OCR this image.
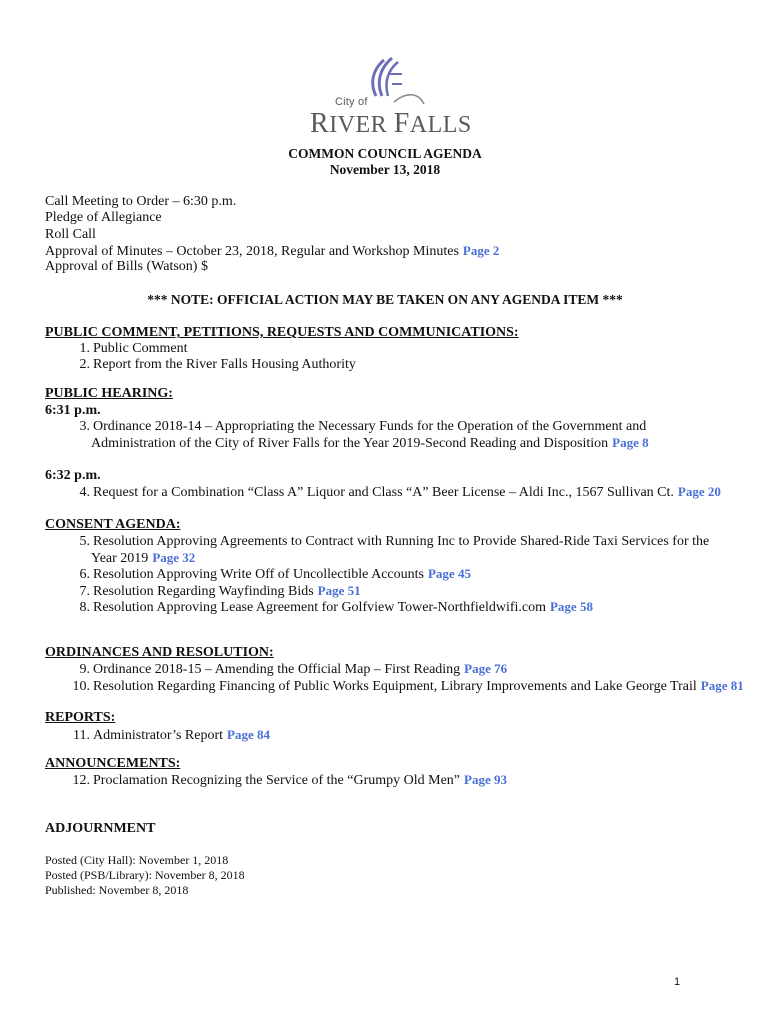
City of
RIVER FALLS
COMMON COUNCIL AGENDA
November 13, 2018
Call Meeting to Order – 6:30 p.m.
Pledge of Allegiance
Roll Call
Approval of Minutes – October 23, 2018, Regular and Workshop Minutes Page 2
Approval of Bills (Watson) $
*** NOTE: OFFICIAL ACTION MAY BE TAKEN ON ANY AGENDA ITEM ***
PUBLIC COMMENT, PETITIONS, REQUESTS AND COMMUNICATIONS:
1. Public Comment
2. Report from the River Falls Housing Authority
PUBLIC HEARING:
6:31 p.m.
3. Ordinance 2018-14 – Appropriating the Necessary Funds for the Operation of the Government and
Administration of the City of River Falls for the Year 2019-Second Reading and Disposition Page 8
6:32 p.m.
4. Request for a Combination “Class A” Liquor and Class “A” Beer License – Aldi Inc., 1567 Sullivan Ct. Page 20
CONSENT AGENDA:
5. Resolution Approving Agreements to Contract with Running Inc to Provide Shared-Ride Taxi Services for the
Year 2019 Page 32
6. Resolution Approving Write Off of Uncollectible Accounts Page 45
7. Resolution Regarding Wayfinding Bids Page 51
8. Resolution Approving Lease Agreement for Golfview Tower-Northfieldwifi.com Page 58
ORDINANCES AND RESOLUTION:
9. Ordinance 2018-15 – Amending the Official Map – First Reading Page 76
10. Resolution Regarding Financing of Public Works Equipment, Library Improvements and Lake George Trail Page 81
REPORTS:
11. Administrator’s Report Page 84
ANNOUNCEMENTS:
12. Proclamation Recognizing the Service of the “Grumpy Old Men” Page 93
ADJOURNMENT
Posted (City Hall): November 1, 2018
Posted (PSB/Library): November 8, 2018
Published: November 8, 2018
1
